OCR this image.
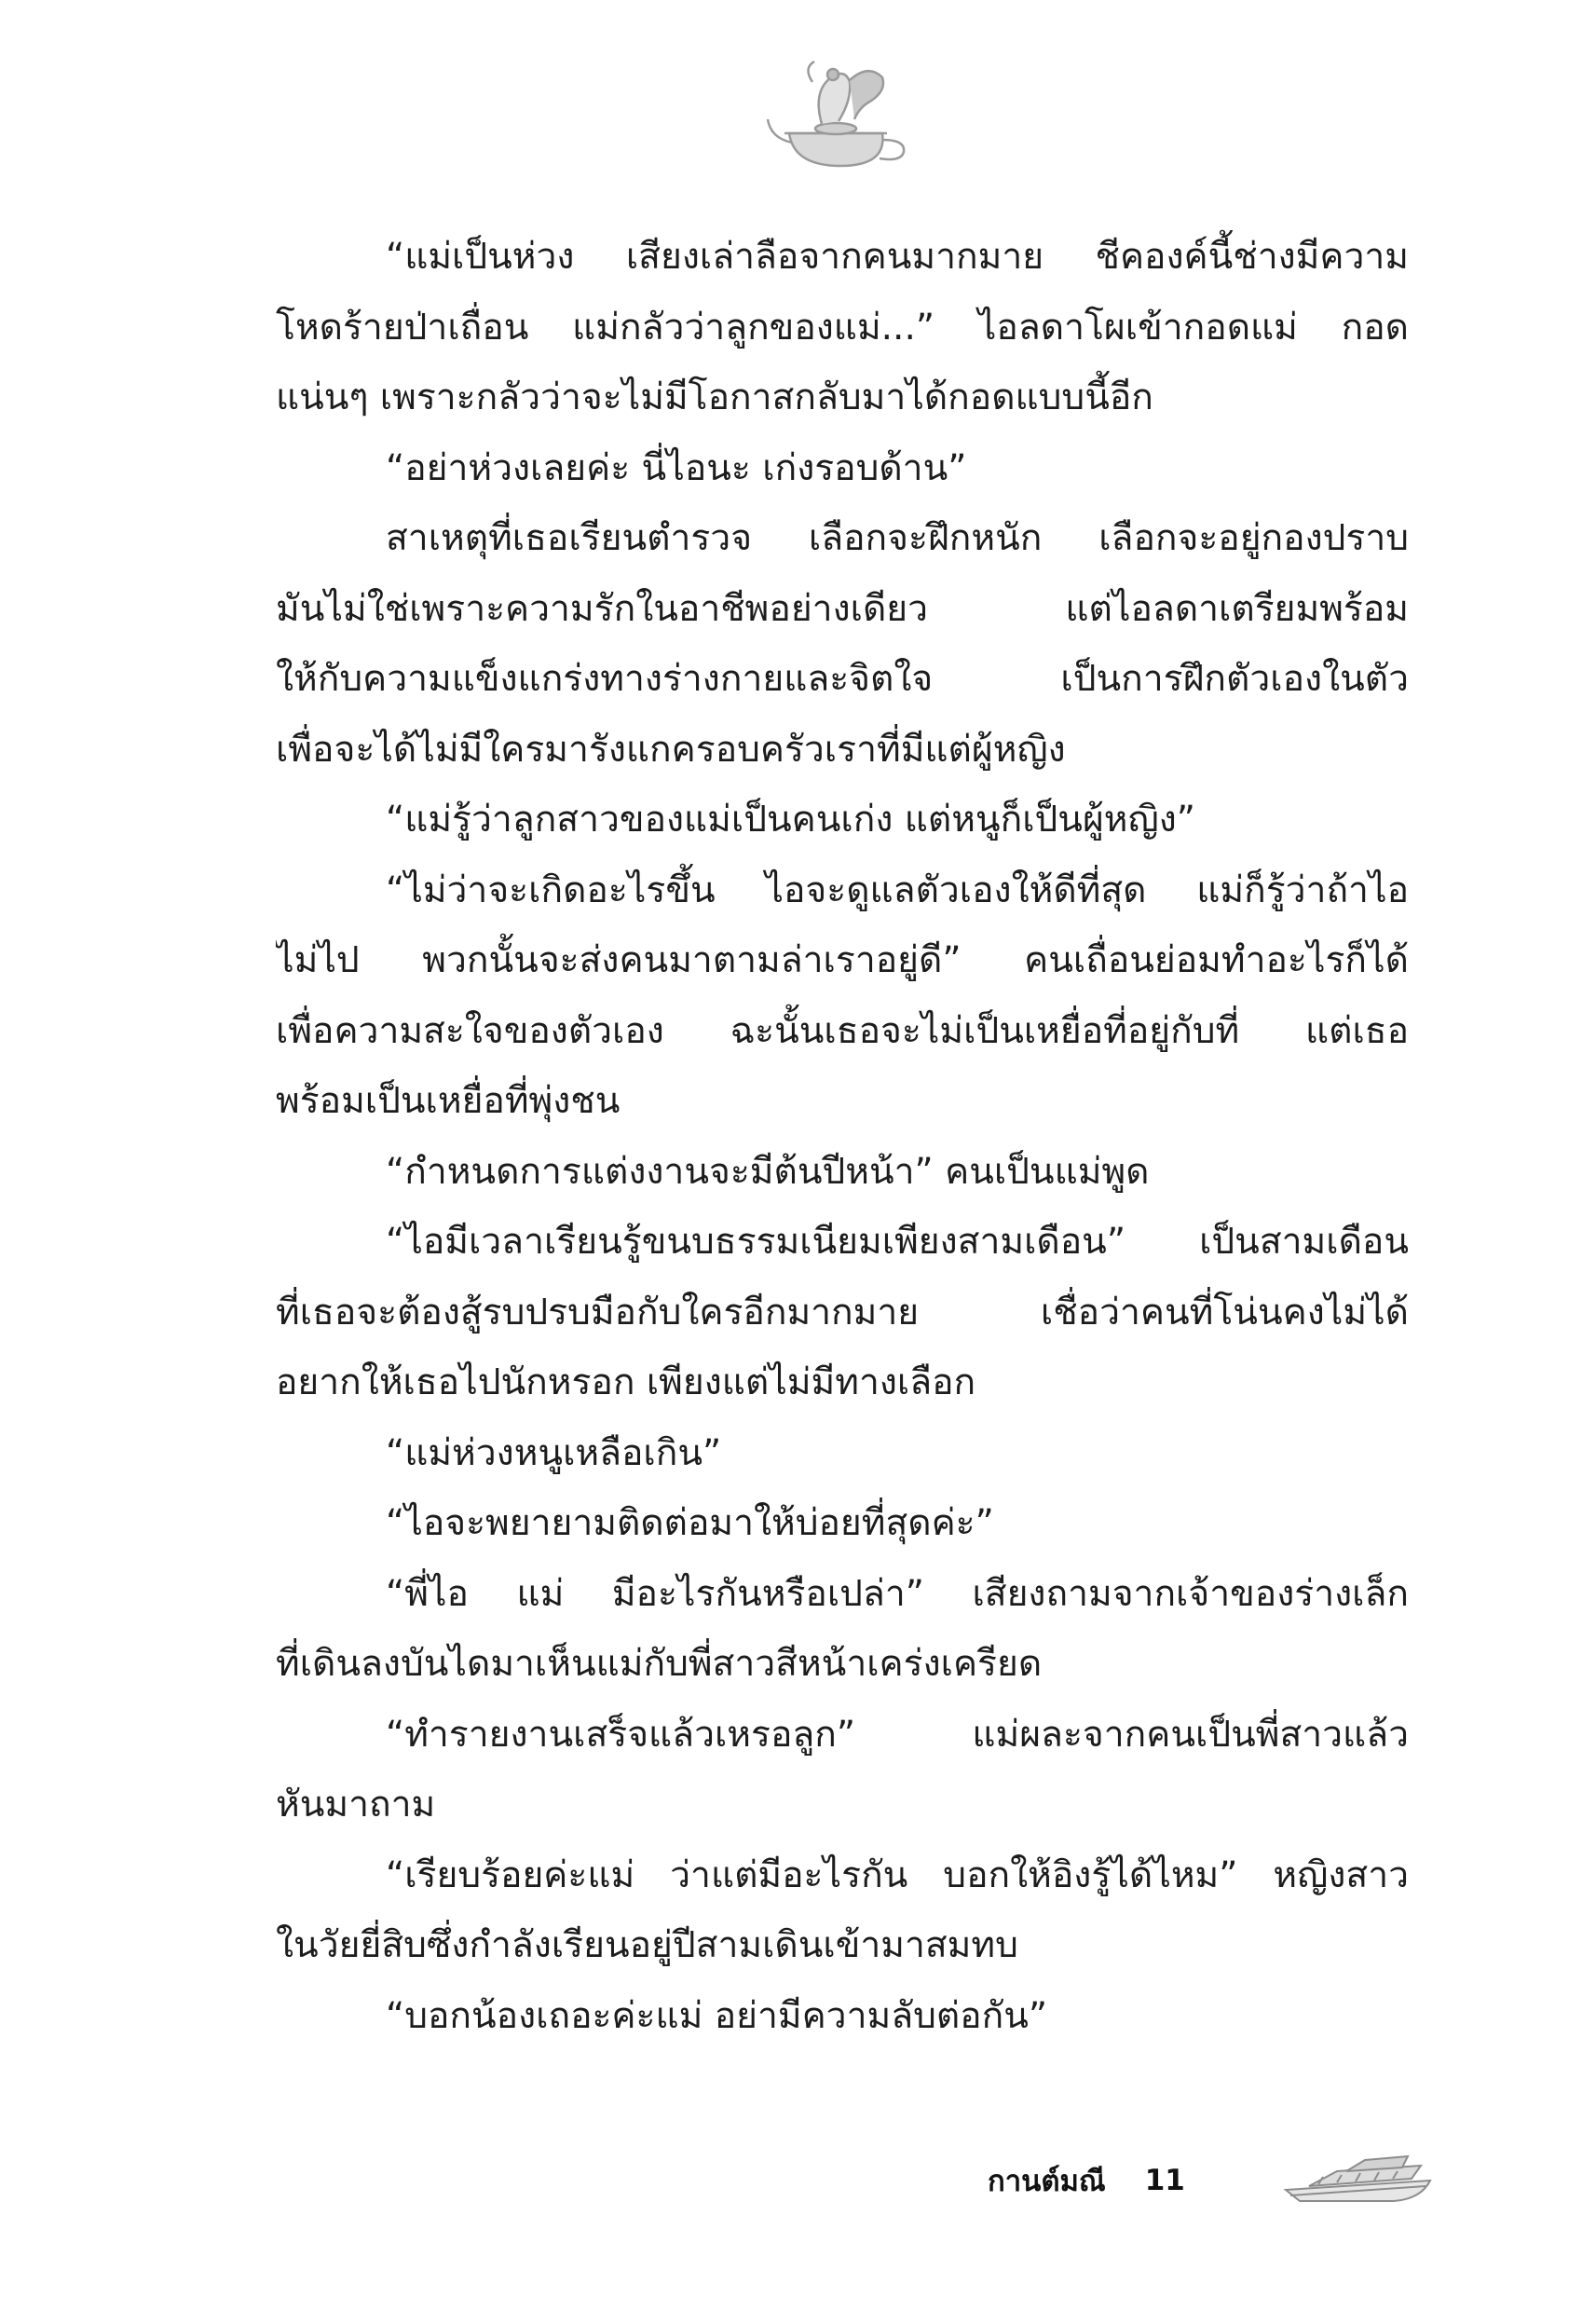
“แม่เป็นห่วง เสียงเล่าลือจากคนมากมาย ชีคองค์นี้ช่างมีความ
โหดร้ายป่าเถื่อน แม่กลัวว่าลูกของแม่...” ไอลดาโผเข้ากอดแม่ กอด
แน่นๆ เพราะกลัวว่าจะไม่มีโอกาสกลับมาได้กอดแบบนี้อีก
“อย่าห่วงเลยค่ะ นี่ไอนะ เก่งรอบด้าน”
สาเหตุที่เธอเรียนตำรวจ เลือกจะฝึกหนัก เลือกจะอยู่กองปราบ
มันไม่ใช่เพราะความรักในอาชีพอย่างเดียว แต่ไอลดาเตรียมพร้อม
ให้กับความแข็งแกร่งทางร่างกายและจิตใจ เป็นการฝึกตัวเองในตัว
เพื่อจะได้ไม่มีใครมารังแกครอบครัวเราที่มีแต่ผู้หญิง
“แม่รู้ว่าลูกสาวของแม่เป็นคนเก่ง แต่หนูก็เป็นผู้หญิง”
“ไม่ว่าจะเกิดอะไรขึ้น ไอจะดูแลตัวเองให้ดีที่สุด แม่ก็รู้ว่าถ้าไอ
ไม่ไป พวกนั้นจะส่งคนมาตามล่าเราอยู่ดี” คนเถื่อนย่อมทำอะไรก็ได้
เพื่อความสะใจของตัวเอง ฉะนั้นเธอจะไม่เป็นเหยื่อที่อยู่กับที่ แต่เธอ
พร้อมเป็นเหยื่อที่พุ่งชน
“กำหนดการแต่งงานจะมีต้นปีหน้า” คนเป็นแม่พูด
“ไอมีเวลาเรียนรู้ขนบธรรมเนียมเพียงสามเดือน” เป็นสามเดือน
ที่เธอจะต้องสู้รบปรบมือกับใครอีกมากมาย เชื่อว่าคนที่โน่นคงไม่ได้
อยากให้เธอไปนักหรอก เพียงแต่ไม่มีทางเลือก
“แม่ห่วงหนูเหลือเกิน”
“ไอจะพยายามติดต่อมาให้บ่อยที่สุดค่ะ”
“พี่ไอ แม่ มีอะไรกันหรือเปล่า” เสียงถามจากเจ้าของร่างเล็ก
ที่เดินลงบันไดมาเห็นแม่กับพี่สาวสีหน้าเคร่งเครียด
“ทำรายงานเสร็จแล้วเหรอลูก” แม่ผละจากคนเป็นพี่สาวแล้ว
หันมาถาม
“เรียบร้อยค่ะแม่ ว่าแต่มีอะไรกัน บอกให้อิงรู้ได้ไหม” หญิงสาว
ในวัยยี่สิบซึ่งกำลังเรียนอยู่ปีสามเดินเข้ามาสมทบ
“บอกน้องเถอะค่ะแม่ อย่ามีความลับต่อกัน”
กานต์มณี 11
